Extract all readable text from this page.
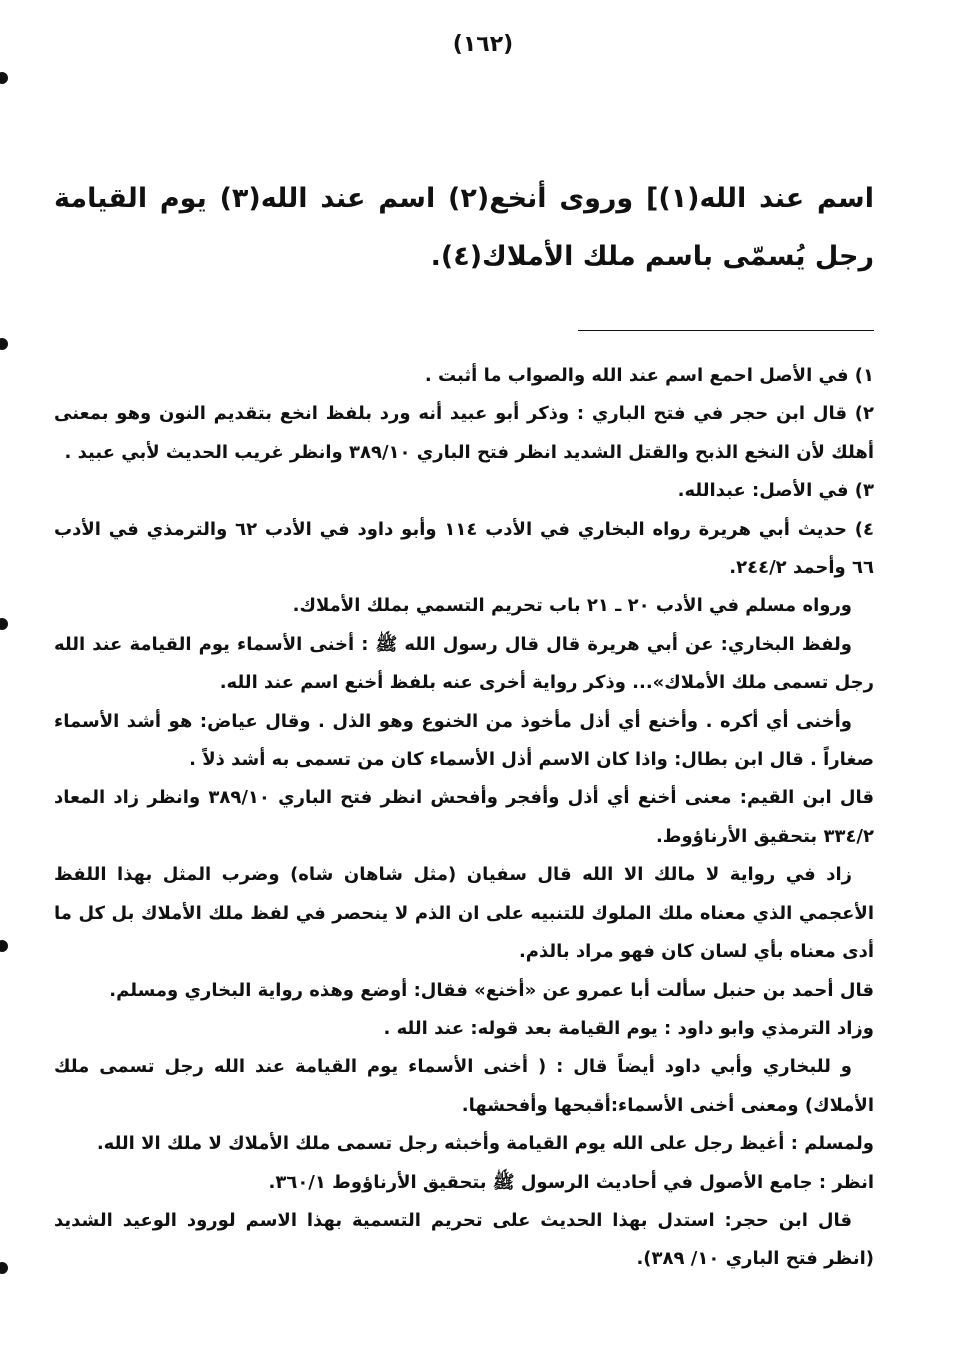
(١٦٢)

اسم عند الله(١)] وروى أنخع(٢) اسم عند الله(٣) يوم القيامة رجل يُسمّى باسم ملك الأملاك(٤).

١) في الأصل احمع اسم عند الله والصواب ما أثبت .

٢) قال ابن حجر في فتح الباري : وذكر أبو عبيد أنه ورد بلفظ انخع بتقديم النون وهو بمعنى أهلك لأن النخع الذبح والقتل الشديد انظر فتح الباري ٣٨٩/١٠ وانظر غريب الحديث لأبي عبيد .

٣) في الأصل: عبدالله.

٤) حديث أبي هريرة رواه البخاري في الأدب ١١٤ وأبو داود في الأدب ٦٢ والترمذي في الأدب ٦٦ وأحمد ٢٤٤/٢.

ورواه مسلم في الأدب ٢٠ ـ ٢١ باب تحريم التسمي بملك الأملاك.

ولفظ البخاري: عن أبي هريرة قال قال رسول الله ﷺ : أخنى الأسماء يوم القيامة عند الله رجل تسمى ملك الأملاك»... وذكر رواية أخرى عنه بلفظ أخنع اسم عند الله.

وأخنى أي أكره . وأخنع أي أذل مأخوذ من الخنوع وهو الذل . وقال عياض: هو أشد الأسماء صغاراً . قال ابن بطال: واذا كان الاسم أذل الأسماء كان من تسمى به أشد ذلاً .

قال ابن القيم: معنى أخنع أي أذل وأفجر وأفحش انظر فتح الباري ٣٨٩/١٠ وانظر زاد المعاد ٣٣٤/٢ بتحقيق الأرناؤوط.

زاد في رواية لا مالك الا الله قال سفيان (مثل شاهان شاه) وضرب المثل بهذا اللفظ الأعجمي الذي معناه ملك الملوك للتنبيه على ان الذم لا ينحصر في لفظ ملك الأملاك بل كل ما أدى معناه بأي لسان كان فهو مراد بالذم.

قال أحمد بن حنبل سألت أبا عمرو عن «أخنع» فقال: أوضع وهذه رواية البخاري ومسلم.

وزاد الترمذي وابو داود : يوم القيامة بعد قوله: عند الله .

و للبخاري وأبي داود أيضاً قال : ( أخنى الأسماء يوم القيامة عند الله رجل تسمى ملك الأملاك) ومعنى أخنى الأسماء:أقبحها وأفحشها.

ولمسلم : أغيظ رجل على الله يوم القيامة وأخبثه رجل تسمى ملك الأملاك لا ملك الا الله.

انظر : جامع الأصول في أحاديث الرسول ﷺ بتحقيق الأرناؤوط ٣٦٠/١.

قال ابن حجر: استدل بهذا الحديث على تحريم التسمية بهذا الاسم لورود الوعيد الشديد (انظر فتح الباري ١٠/ ٣٨٩).
